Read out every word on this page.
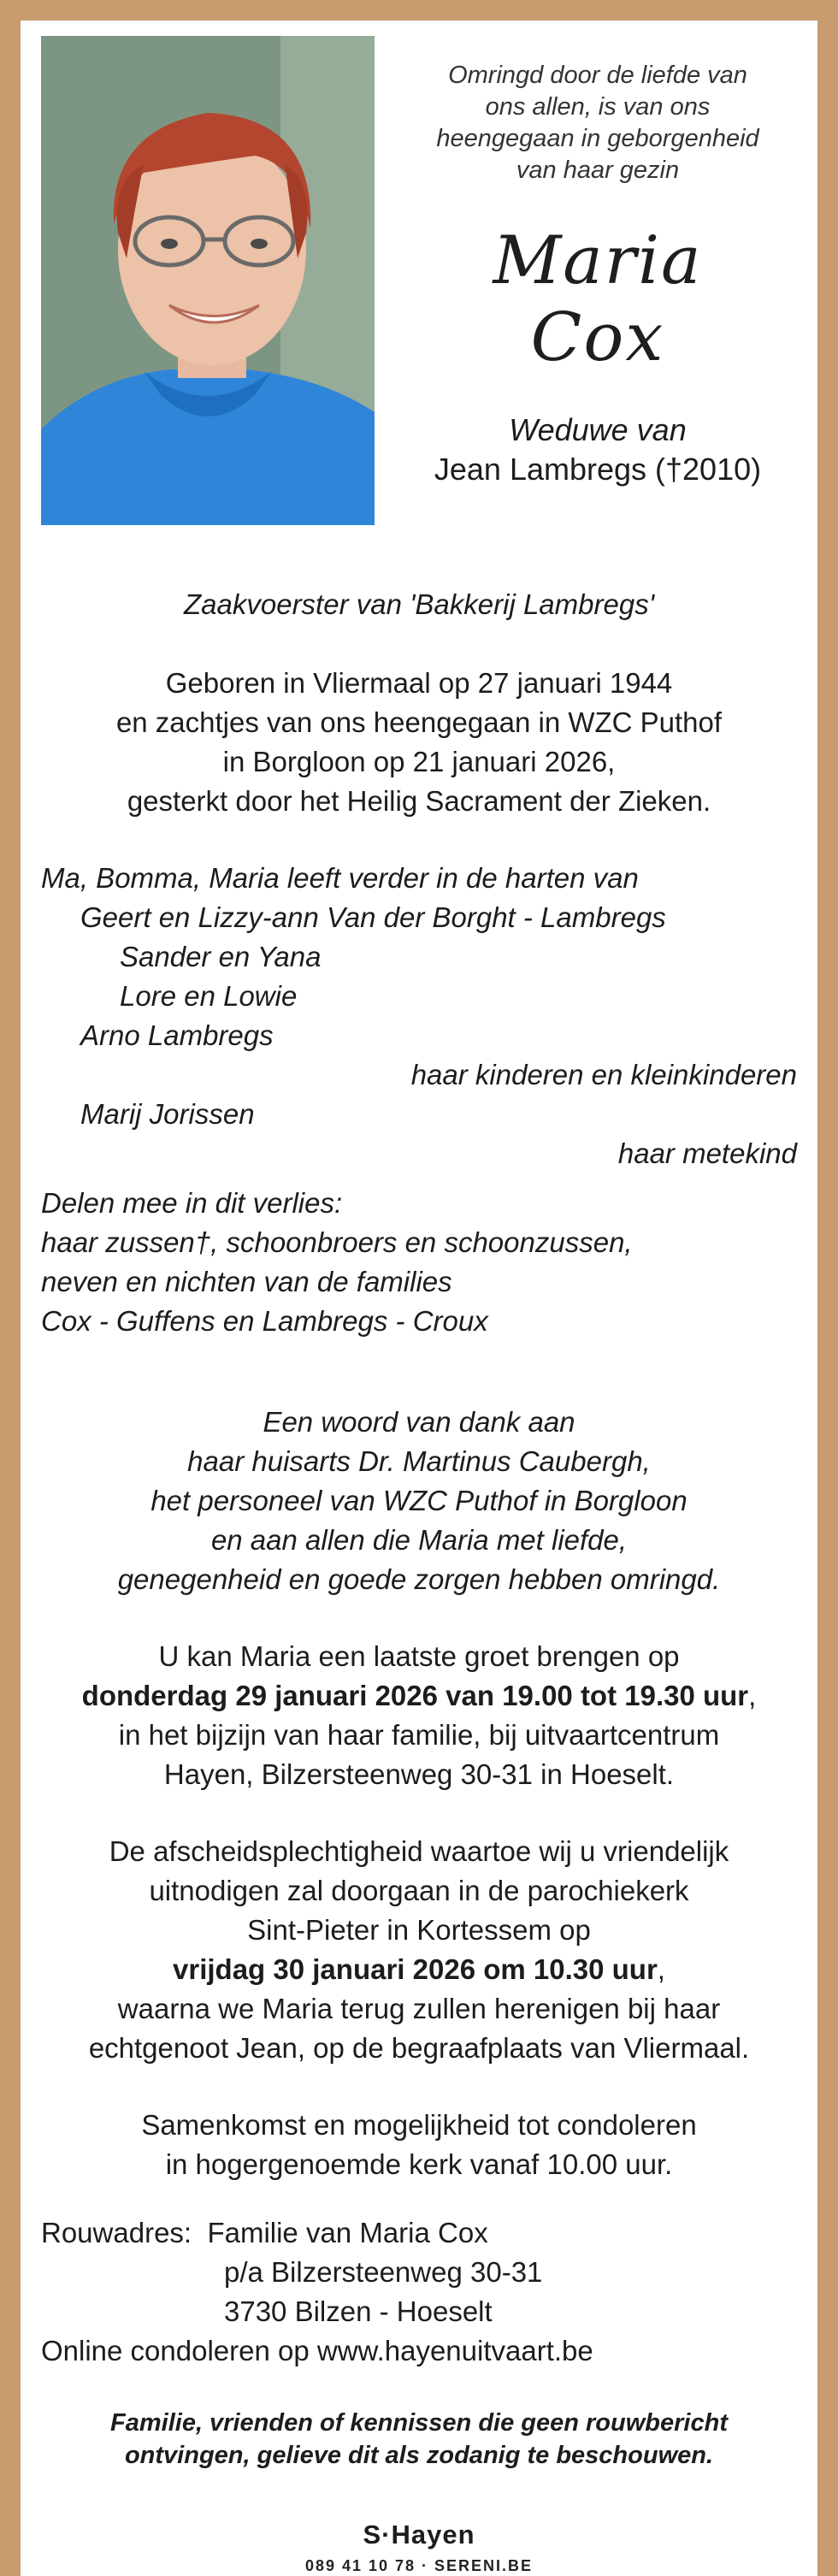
Omringd door de liefde van
ons allen, is van ons
heengegaan in geborgenheid
van haar gezin
Maria
Cox
Weduwe van
Jean Lambregs (†2010)
Zaakvoerster van 'Bakkerij Lambregs'
Geboren in Vliermaal op 27 januari 1944
en zachtjes van ons heengegaan in WZC Puthof
in Borgloon op 21 januari 2026,
gesterkt door het Heilig Sacrament der Zieken.
Ma, Bomma, Maria leeft verder in de harten van
Geert en Lizzy-ann Van der Borght - Lambregs
Sander en Yana
Lore en Lowie
Arno Lambregs
haar kinderen en kleinkinderen
Marij Jorissen
haar metekind
Delen mee in dit verlies:
haar zussen†, schoonbroers en schoonzussen,
neven en nichten van de families
Cox - Guffens en Lambregs - Croux
Een woord van dank aan
haar huisarts Dr. Martinus Caubergh,
het personeel van WZC Puthof in Borgloon
en aan allen die Maria met liefde,
genegenheid en goede zorgen hebben omringd.
U kan Maria een laatste groet brengen op
donderdag 29 januari 2026 van 19.00 tot 19.30 uur,
in het bijzijn van haar familie, bij uitvaartcentrum
Hayen, Bilzersteenweg 30-31 in Hoeselt.
De afscheidsplechtigheid waartoe wij u vriendelijk
uitnodigen zal doorgaan in de parochiekerk
Sint-Pieter in Kortessem op
vrijdag 30 januari 2026 om 10.30 uur,
waarna we Maria terug zullen herenigen bij haar
echtgenoot Jean, op de begraafplaats van Vliermaal.
Samenkomst en mogelijkheid tot condoleren
in hogergenoemde kerk vanaf 10.00 uur.
Rouwadres: Familie van Maria Cox
p/a Bilzersteenweg 30-31
3730 Bilzen - Hoeselt
Online condoleren op www.hayenuitvaart.be
Familie, vrienden of kennissen die geen rouwbericht
ontvingen, gelieve dit als zodanig te beschouwen.
S·Hayen
089 41 10 78 · SERENI.BE
